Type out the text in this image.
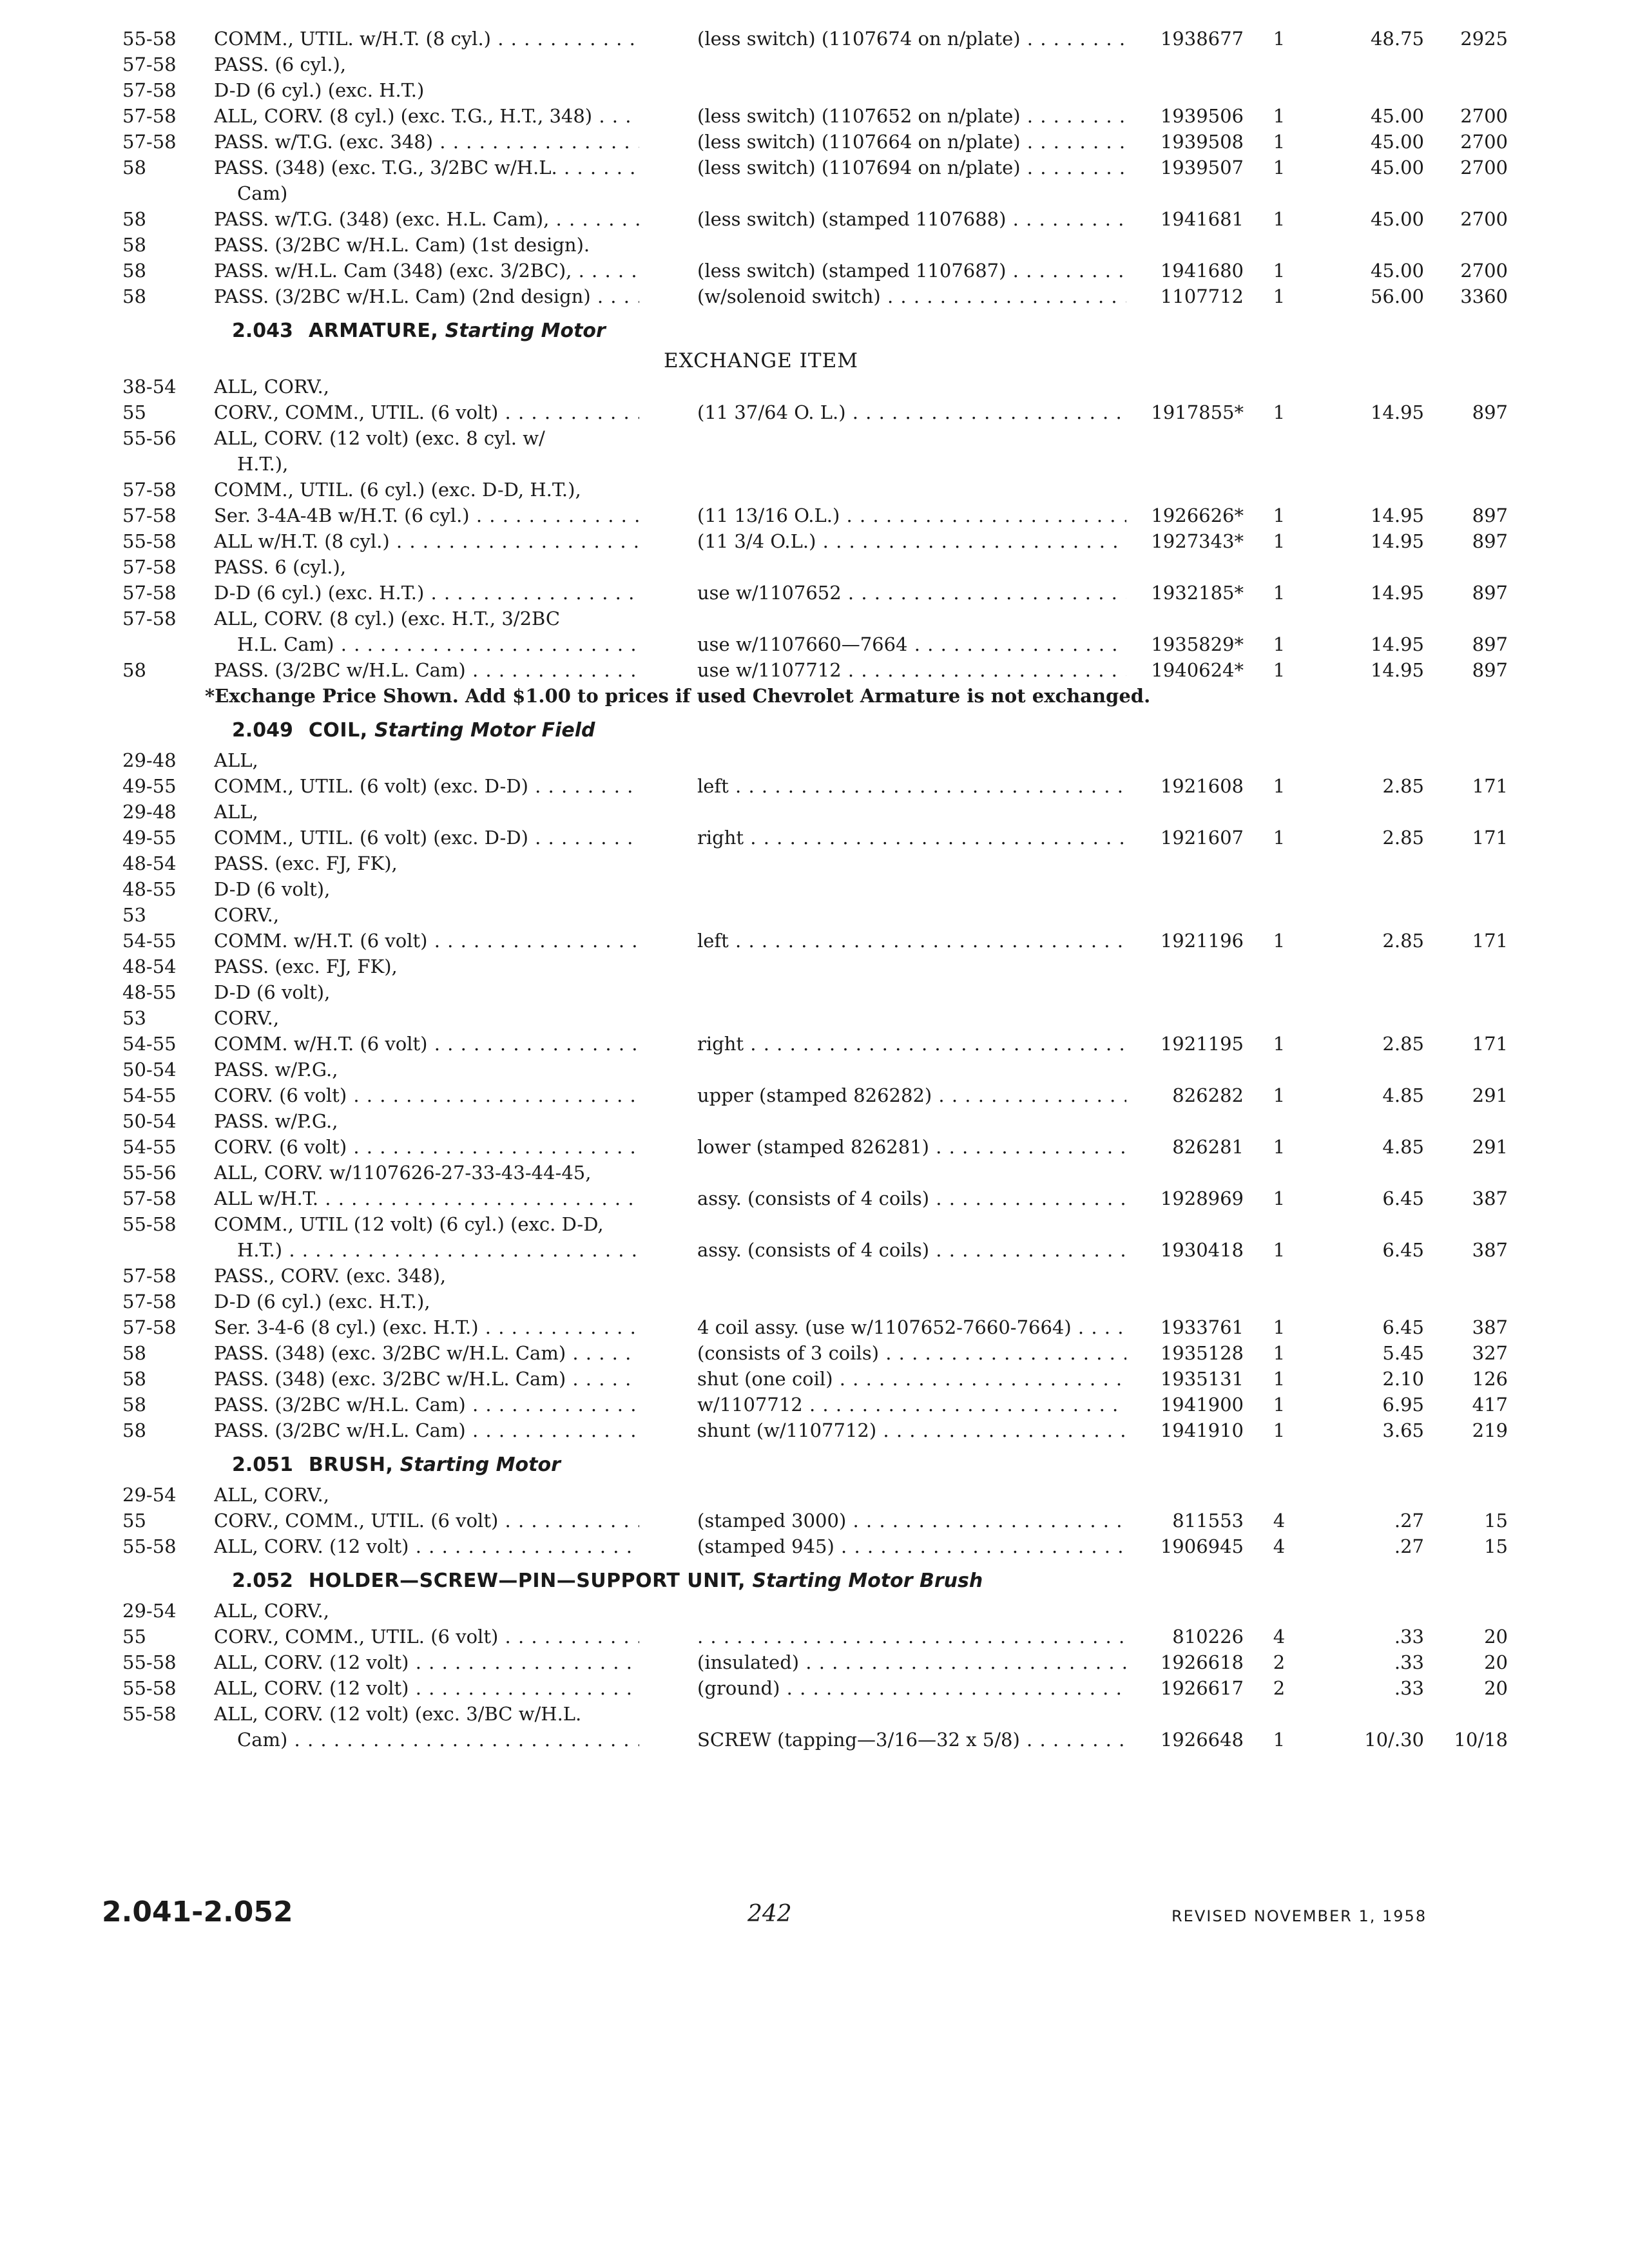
55-58	COMM., UTIL. w/H.T. (8 cyl.) . . .	(less switch) (1107674 on n/plate) . . .	1938677	1	48.75	2925
57-58	PASS. (6 cyl.),
57-58	D-D (6 cyl.) (exc. H.T.)
57-58	ALL, CORV. (8 cyl.) (exc. T.G., H.T., 348) . . .	(less switch) (1107652 on n/plate) . . .	1939506	1	45.00	2700
57-58	PASS. w/T.G. (exc. 348) . . .	(less switch) (1107664 on n/plate) . . .	1939508	1	45.00	2700
58	PASS. (348) (exc. T.G., 3/2BC w/H.L. . . .	(less switch) (1107694 on n/plate) . . .	1939507	1	45.00	2700
Cam)
58	PASS. w/T.G. (348) (exc. H.L. Cam), . . .	(less switch) (stamped 1107688) . . .	1941681	1	45.00	2700
58	PASS. (3/2BC w/H.L. Cam) (1st design).
58	PASS. w/H.L. Cam (348) (exc. 3/2BC), . . .	(less switch) (stamped 1107687) . . .	1941680	1	45.00	2700
58	PASS. (3/2BC w/H.L. Cam) (2nd design) . . .	(w/solenoid switch) . . .	1107712	1	56.00	3360
2.043 ARMATURE, Starting Motor
EXCHANGE ITEM
38-54	ALL, CORV.,
55	CORV., COMM., UTIL. (6 volt) . . .	(11 37/64 O. L.) . . .	1917855*	1	14.95	897
55-56	ALL, CORV. (12 volt) (exc. 8 cyl. w/
H.T.),
57-58	COMM., UTIL. (6 cyl.) (exc. D-D, H.T.),
57-58	Ser. 3-4A-4B w/H.T. (6 cyl.) . . .	(11 13/16 O.L.) . . .	1926626*	1	14.95	897
55-58	ALL w/H.T. (8 cyl.) . . .	(11 3/4 O.L.) . . .	1927343*	1	14.95	897
57-58	PASS. 6 (cyl.),
57-58	D-D (6 cyl.) (exc. H.T.) . . .	use w/1107652 . . .	1932185*	1	14.95	897
57-58	ALL, CORV. (8 cyl.) (exc. H.T., 3/2BC
H.L. Cam) . . .	use w/1107660—7664 . . .	1935829*	1	14.95	897
58	PASS. (3/2BC w/H.L. Cam) . . .	use w/1107712 . . .	1940624*	1	14.95	897
*Exchange Price Shown. Add $1.00 to prices if used Chevrolet Armature is not exchanged.
2.049 COIL, Starting Motor Field
29-48	ALL,
49-55	COMM., UTIL. (6 volt) (exc. D-D) . . .	left . . .	1921608	1	2.85	171
29-48	ALL,
49-55	COMM., UTIL. (6 volt) (exc. D-D) . . .	right . . .	1921607	1	2.85	171
48-54	PASS. (exc. FJ, FK),
48-55	D-D (6 volt),
53	CORV.,
54-55	COMM. w/H.T. (6 volt) . . .	left . . .	1921196	1	2.85	171
48-54	PASS. (exc. FJ, FK),
48-55	D-D (6 volt),
53	CORV.,
54-55	COMM. w/H.T. (6 volt) . . .	right . . .	1921195	1	2.85	171
50-54	PASS. w/P.G.,
54-55	CORV. (6 volt) . . .	upper (stamped 826282) . . .	826282	1	4.85	291
50-54	PASS. w/P.G.,
54-55	CORV. (6 volt) . . .	lower (stamped 826281) . . .	826281	1	4.85	291
55-56	ALL, CORV. w/1107626-27-33-43-44-45,
57-58	ALL w/H.T. . . .	assy. (consists of 4 coils) . . .	1928969	1	6.45	387
55-58	COMM., UTIL (12 volt) (6 cyl.) (exc. D-D,
H.T.) . . .	assy. (consists of 4 coils) . . .	1930418	1	6.45	387
57-58	PASS., CORV. (exc. 348),
57-58	D-D (6 cyl.) (exc. H.T.),
57-58	Ser. 3-4-6 (8 cyl.) (exc. H.T.) . . .	4 coil assy. (use w/1107652-7660-7664) . . .	1933761	1	6.45	387
58	PASS. (348) (exc. 3/2BC w/H.L. Cam) . . .	(consists of 3 coils) . . .	1935128	1	5.45	327
58	PASS. (348) (exc. 3/2BC w/H.L. Cam) . . .	shut (one coil) . . .	1935131	1	2.10	126
58	PASS. (3/2BC w/H.L. Cam) . . .	w/1107712 . . .	1941900	1	6.95	417
58	PASS. (3/2BC w/H.L. Cam) . . .	shunt (w/1107712) . . .	1941910	1	3.65	219
2.051 BRUSH, Starting Motor
29-54	ALL, CORV.,
55	CORV., COMM., UTIL. (6 volt) . . .	(stamped 3000) . . .	811553	4	.27	15
55-58	ALL, CORV. (12 volt) . . .	(stamped 945) . . .	1906945	4	.27	15
2.052 HOLDER—SCREW—PIN—SUPPORT UNIT, Starting Motor Brush
29-54	ALL, CORV.,
55	CORV., COMM., UTIL. (6 volt) . . .
. . .	810226	4	.33	20
55-58	ALL, CORV. (12 volt) . . .	(insulated) . . .	1926618	2	.33	20
55-58	ALL, CORV. (12 volt) . . .	(ground) . . .	1926617	2	.33	20
55-58	ALL, CORV. (12 volt) (exc. 3/BC w/H.L.
Cam) . . .	SCREW (tapping—3/16—32 x 5/8) . . .	1926648	1	10/.30	10/18
2.041-2.052	242	REVISED NOVEMBER 1, 1958
